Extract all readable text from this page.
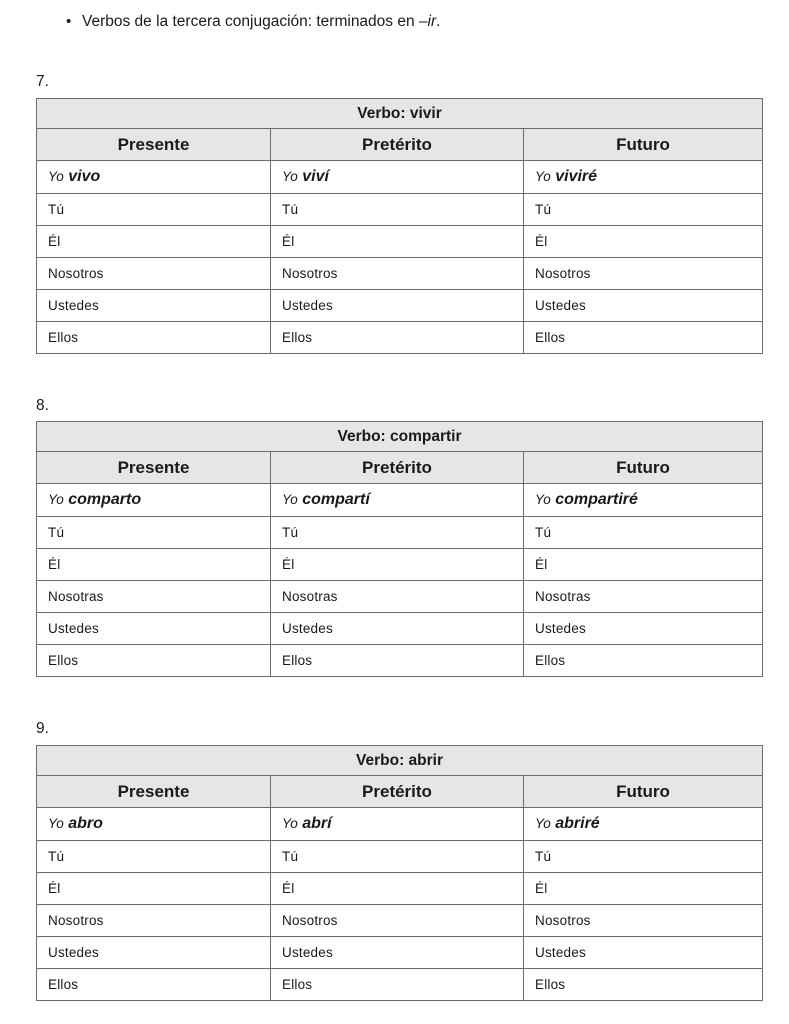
• Verbos de la tercera conjugación: terminados en –ir.
7.
Verbo: vivir		
Presente	Pretérito	Futuro
Yo vivo	Yo viví	Yo viviré
Tú	Tú	Tú
Él	Él	Él
Nosotros	Nosotros	Nosotros
Ustedes	Ustedes	Ustedes
Ellos	Ellos	Ellos
8.
Verbo: compartir		
Presente	Pretérito	Futuro
Yo comparto	Yo compartí	Yo compartiré
Tú	Tú	Tú
Él	Él	Él
Nosotras	Nosotras	Nosotras
Ustedes	Ustedes	Ustedes
Ellos	Ellos	Ellos
9.
Verbo: abrir		
Presente	Pretérito	Futuro
Yo abro	Yo abrí	Yo abriré
Tú	Tú	Tú
Él	Él	Él
Nosotros	Nosotros	Nosotros
Ustedes	Ustedes	Ustedes
Ellos	Ellos	Ellos
